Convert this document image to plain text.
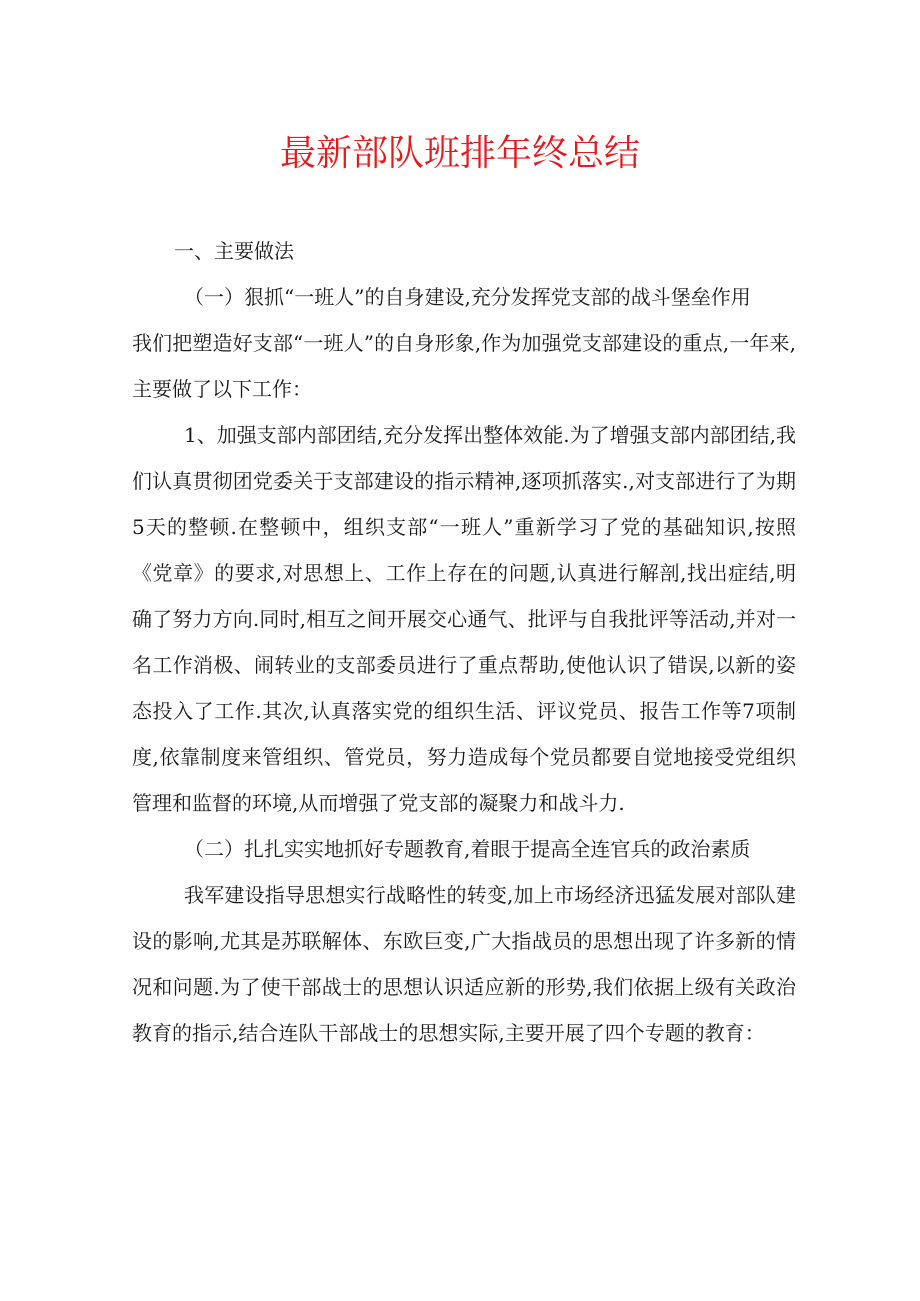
最新部队班排年终总结

一、主要做法

（一）狠抓“一班人”的自身建设,充分发挥党支部的战斗堡垒作用

我们把塑造好支部“一班人”的自身形象,作为加强党支部建设的重点,一年来,主要做了以下工作：

1、加强支部内部团结,充分发挥出整体效能.为了增强支部内部团结,我们认真贯彻团党委关于支部建设的指示精神,逐项抓落实.,对支部进行了为期5天的整顿.在整顿中，组织支部“一班人”重新学习了党的基础知识,按照《党章》的要求,对思想上、工作上存在的问题,认真进行解剖,找出症结,明确了努力方向.同时,相互之间开展交心通气、批评与自我批评等活动,并对一名工作消极、闹转业的支部委员进行了重点帮助,使他认识了错误,以新的姿态投入了工作.其次,认真落实党的组织生活、评议党员、报告工作等7项制度,依靠制度来管组织、管党员，努力造成每个党员都要自觉地接受党组织管理和监督的环境,从而增强了党支部的凝聚力和战斗力.

（二）扎扎实实地抓好专题教育,着眼于提高全连官兵的政治素质

我军建设指导思想实行战略性的转变,加上市场经济迅猛发展对部队建设的影响,尤其是苏联解体、东欧巨变,广大指战员的思想出现了许多新的情况和问题.为了使干部战士的思想认识适应新的形势,我们依据上级有关政治教育的指示,结合连队干部战士的思想实际,主要开展了四个专题的教育：
